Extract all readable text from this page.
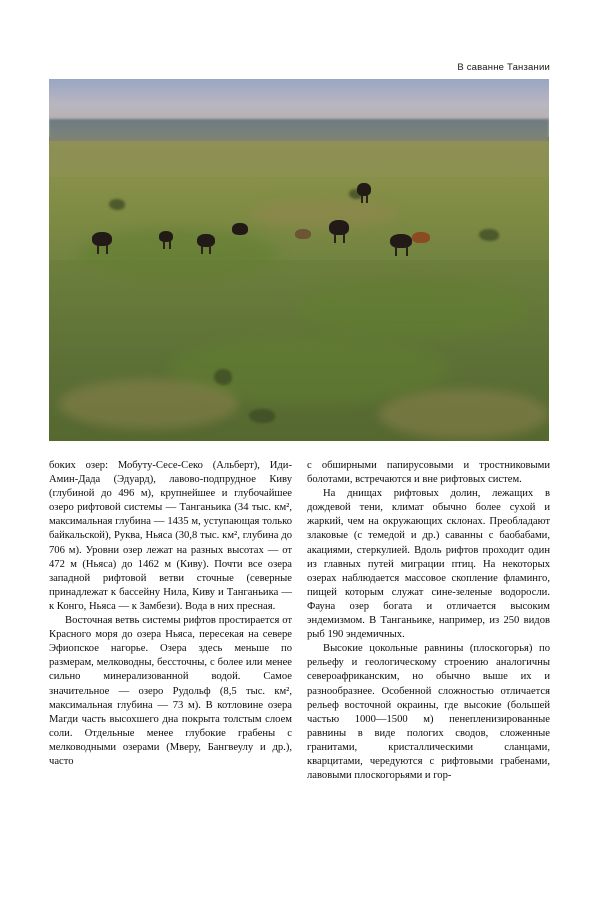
В саванне Танзании

боких озер: Мобуту-Сесе-Секо (Альберт), Иди-Амин-Дада (Эдуард), лавово-подпрудное Киву (глубиной до 496 м), крупнейшее и глубочайшее озеро рифтовой системы — Танганьика (34 тыс. км², максимальная глубина — 1435 м, уступающая только байкальской), Руква, Ньяса (30,8 тыс. км², глубина до 706 м). Уровни озер лежат на разных высотах — от 472 м (Ньяса) до 1462 м (Киву). Почти все озера западной рифтовой ветви сточные (северные принадлежат к бассейну Нила, Киву и Танганьика — к Конго, Ньяса — к Замбези). Вода в них пресная.

Восточная ветвь системы рифтов простирается от Красного моря до озера Ньяса, пересекая на севере Эфиопское нагорье. Озера здесь меньше по размерам, мелководны, бессточны, с более или менее сильно минерализованной водой. Самое значительное — озеро Рудольф (8,5 тыс. км², максимальная глубина — 73 м). В котловине озера Магди часть высохшего дна покрыта толстым слоем соли. Отдельные менее глубокие грабены с мелководными озерами (Мверу, Бангвеулу и др.), часто

с обширными папирусовыми и тростниковыми болотами, встречаются и вне рифтовых систем.

На днищах рифтовых долин, лежащих в дождевой тени, климат обычно более сухой и жаркий, чем на окружающих склонах. Преобладают злаковые (с темедой и др.) саванны с баобабами, акациями, стеркулией. Вдоль рифтов проходит один из главных путей миграции птиц. На некоторых озерах наблюдается массовое скопление фламинго, пищей которым служат сине-зеленые водоросли. Фауна озер богата и отличается высоким эндемизмом. В Танганьике, например, из 250 видов рыб 190 эндемичных.

Высокие цокольные равнины (плоскогорья) по рельефу и геологическому строению аналогичны североафриканским, но обычно выше их и разнообразнее. Особенной сложностью отличается рельеф восточной окраины, где высокие (большей частью 1000—1500 м) пенепленизированные равнины в виде пологих сводов, сложенные гранитами, кристаллическими сланцами, кварцитами, чередуются с рифтовыми грабенами, лавовыми плоскогорьями и гор-
